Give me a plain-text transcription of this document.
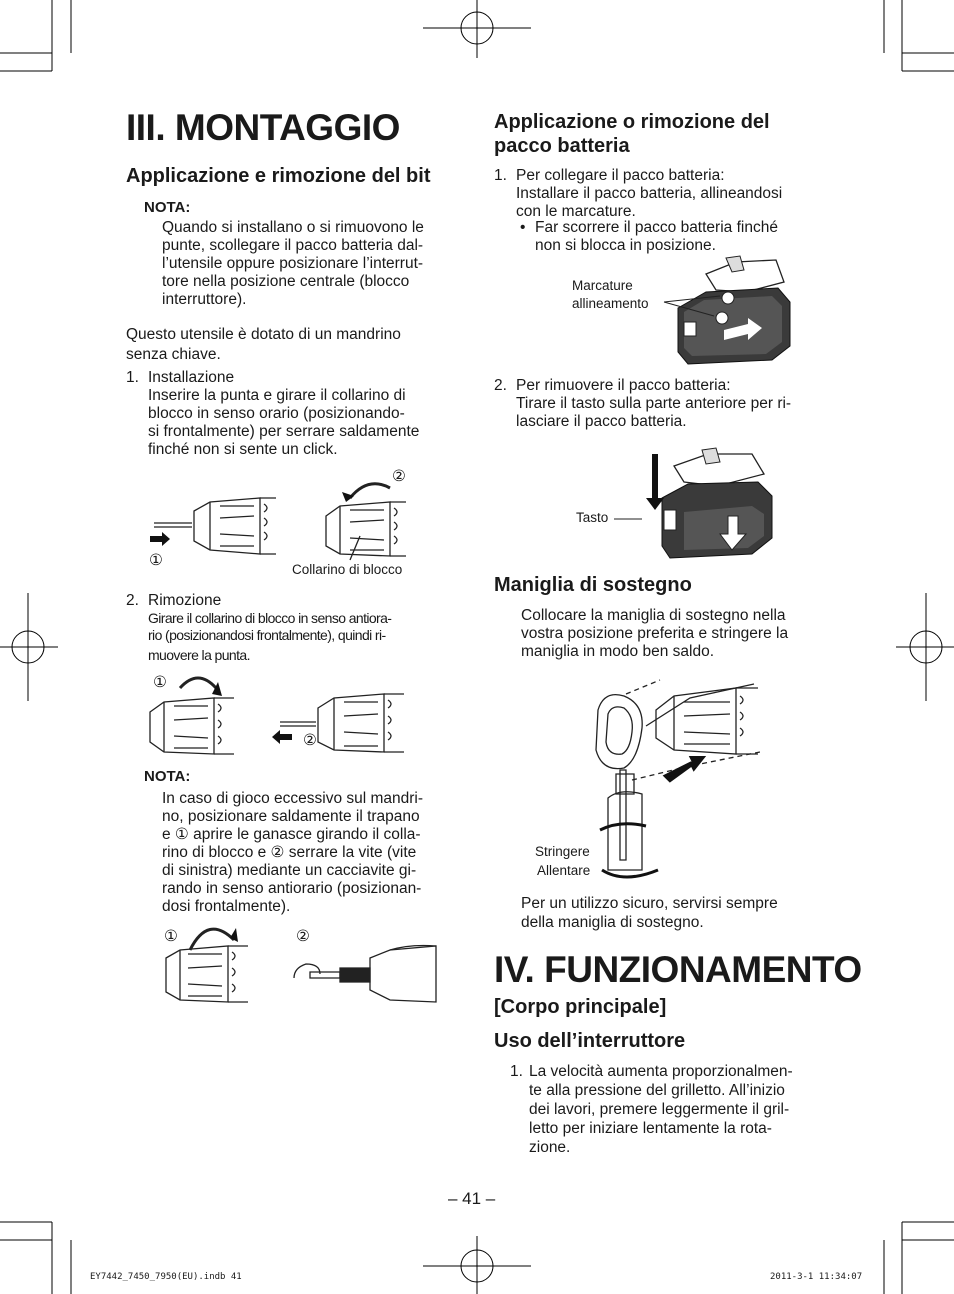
III. MONTAGGIO
Applicazione e rimozione del bit
NOTA:
Quando si installano o si rimuovono le
punte, scollegare il pacco batteria dal-
l’utensile oppure posizionare l’interrut-
tore nella posizione centrale (blocco
interruttore).
Questo utensile è dotato di un mandrino
senza chiave.
1. Installazione
Inserire la punta e girare il collarino di
blocco in senso orario (posizionando-
si frontalmente) per serrare saldamente
finché non si sente un click.
①
②
Collarino di blocco
2. Rimozione
Girare il collarino di blocco in senso antiora-
rio (posizionandosi frontalmente), quindi ri-
muovere la punta.
①
②
NOTA:
In caso di gioco eccessivo sul mandri-
no, posizionare saldamente il trapano
e ① aprire le ganasce girando il colla-
rino di blocco e ② serrare la vite (vite
di sinistra) mediante un cacciavite gi-
rando in senso antiorario (posizionan-
dosi frontalmente).
①	②
Applicazione o rimozione del
pacco batteria
1. Per collegare il pacco batteria:
Installare il pacco batteria, allineandosi
con le marcature.
• Far scorrere il pacco batteria finché
non si blocca in posizione.
Marcature
allineamento
2. Per rimuovere il pacco batteria:
Tirare il tasto sulla parte anteriore per ri-
lasciare il pacco batteria.
Tasto
Maniglia di sostegno
Collocare la maniglia di sostegno nella
vostra posizione preferita e stringere la
maniglia in modo ben saldo.
Stringere
Allentare
Per un utilizzo sicuro, servirsi sempre
della maniglia di sostegno.
IV. FUNZIONAMENTO
[Corpo principale]
Uso dell’interruttore
1. La velocità aumenta proporzionalmen-
te alla pressione del grilletto. All’inizio
dei lavori, premere leggermente il gril-
letto per iniziare lentamente la rota-
zione.
– 41 –
EY7442_7450_7950(EU).indb 41	2011-3-1 11:34:07
